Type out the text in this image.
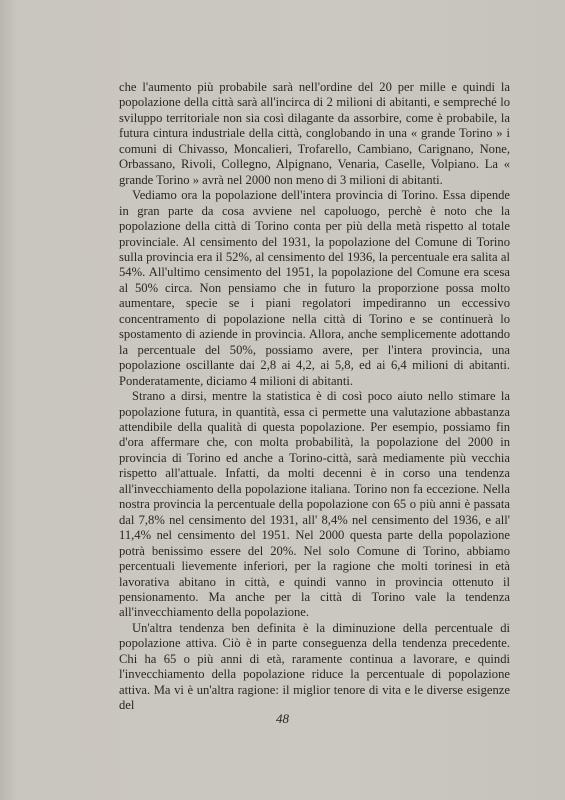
che l'aumento più probabile sarà nell'ordine del 20 per mille e quindi la popolazione della città sarà all'incirca di 2 milioni di abitanti, e sempreché lo sviluppo territoriale non sia così dilagante da assorbire, come è probabile, la futura cintura industriale della città, conglobando in una « grande Torino » i comuni di Chivasso, Moncalieri, Trofarello, Cambiano, Carignano, None, Orbassano, Rivoli, Collegno, Alpignano, Venaria, Caselle, Volpiano. La « grande Torino » avrà nel 2000 non meno di 3 milioni di abitanti.

Vediamo ora la popolazione dell'intera provincia di Torino. Essa dipende in gran parte da cosa avviene nel capoluogo, perchè è noto che la popolazione della città di Torino conta per più della metà rispetto al totale provinciale. Al censimento del 1931, la popolazione del Comune di Torino sulla provincia era il 52%, al censimento del 1936, la percentuale era salita al 54%. All'ultimo censimento del 1951, la popolazione del Comune era scesa al 50% circa. Non pensiamo che in futuro la proporzione possa molto aumentare, specie se i piani regolatori impediranno un eccessivo concentramento di popolazione nella città di Torino e se continuerà lo spostamento di aziende in provincia. Allora, anche semplicemente adottando la percentuale del 50%, possiamo avere, per l'intera provincia, una popolazione oscillante dai 2,8 ai 4,2, ai 5,8, ed ai 6,4 milioni di abitanti. Ponderatamente, diciamo 4 milioni di abitanti.

Strano a dirsi, mentre la statistica è di così poco aiuto nello stimare la popolazione futura, in quantità, essa ci permette una valutazione abbastanza attendibile della qualità di questa popolazione. Per esempio, possiamo fin d'ora affermare che, con molta probabilità, la popolazione del 2000 in provincia di Torino ed anche a Torino-città, sarà mediamente più vecchia rispetto all'attuale. Infatti, da molti decenni è in corso una tendenza all'invecchiamento della popolazione italiana. Torino non fa eccezione. Nella nostra provincia la percentuale della popolazione con 65 o più anni è passata dal 7,8% nel censimento del 1931, all' 8,4% nel censimento del 1936, e all' 11,4% nel censimento del 1951. Nel 2000 questa parte della popolazione potrà benissimo essere del 20%. Nel solo Comune di Torino, abbiamo percentuali lievemente inferiori, per la ragione che molti torinesi in età lavorativa abitano in città, e quindi vanno in provincia ottenuto il pensionamento. Ma anche per la città di Torino vale la tendenza all'invecchiamento della popolazione.

Un'altra tendenza ben definita è la diminuzione della percentuale di popolazione attiva. Ciò è in parte conseguenza della tendenza precedente. Chi ha 65 o più anni di età, raramente continua a lavorare, e quindi l'invecchiamento della popolazione riduce la percentuale di popolazione attiva. Ma vi è un'altra ragione: il miglior tenore di vita e le diverse esigenze del

48
